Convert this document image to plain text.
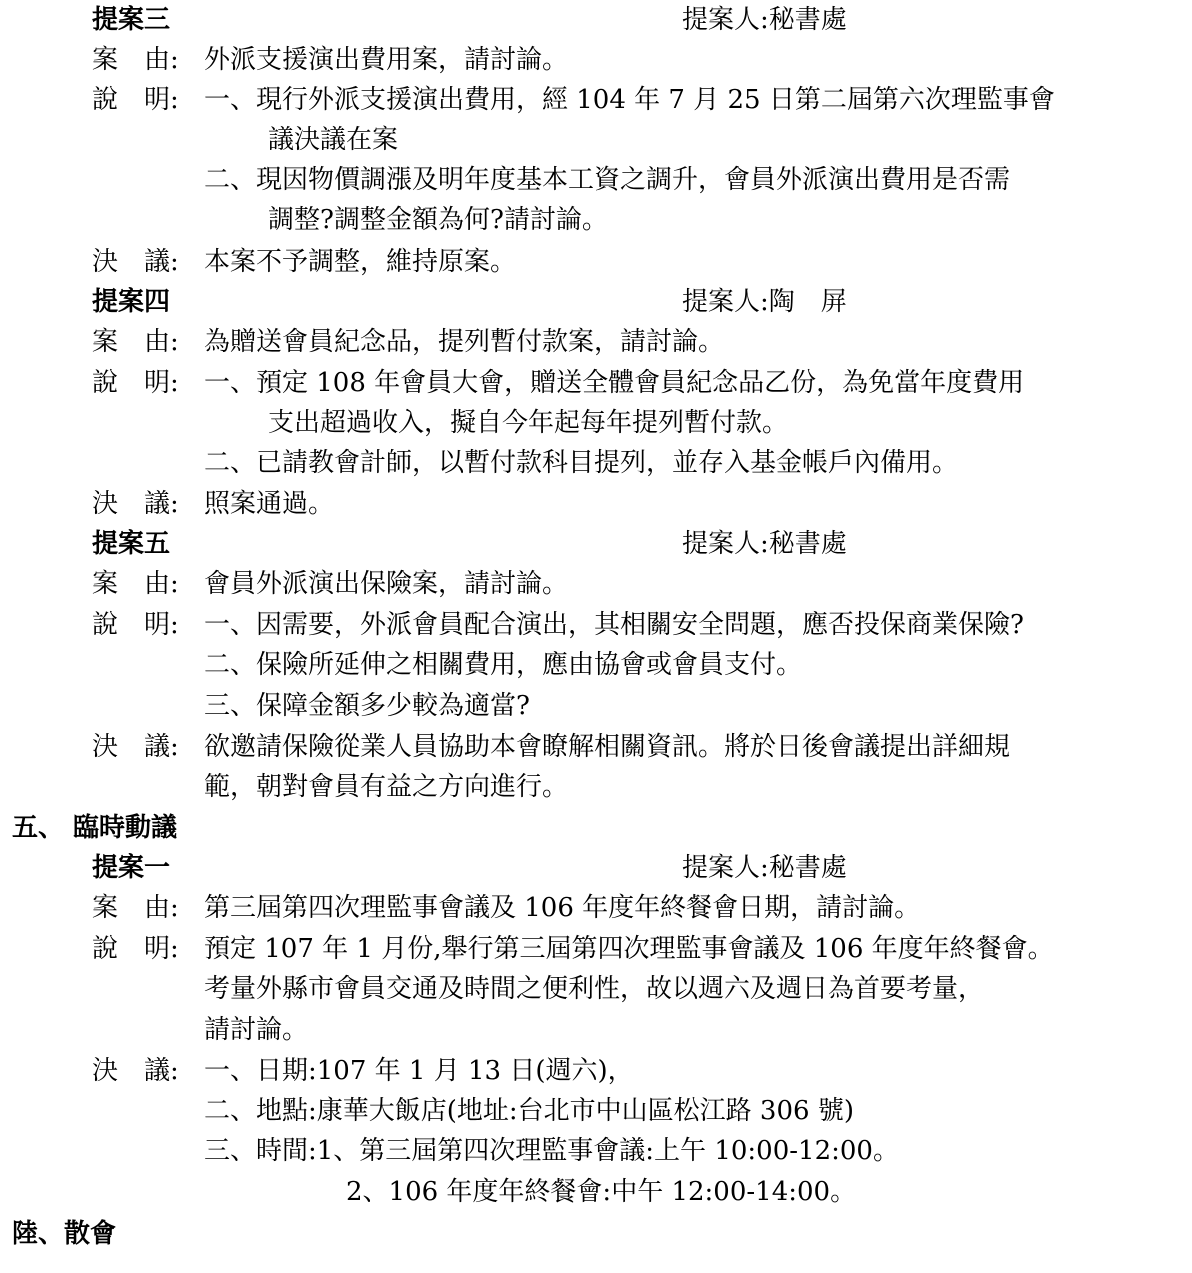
提案三	提案人:秘書處
案　由: 外派支援演出費用案，請討論。
說　明: 一、現行外派支援演出費用，經 104 年 7 月 25 日第二屆第六次理監事會
議決議在案
二、現因物價調漲及明年度基本工資之調升，會員外派演出費用是否需
調整?調整金額為何?請討論。
決　議: 本案不予調整，維持原案。
提案四	提案人:陶　屏
案　由: 為贈送會員紀念品，提列暫付款案，請討論。
說　明: 一、預定 108 年會員大會，贈送全體會員紀念品乙份，為免當年度費用
支出超過收入，擬自今年起每年提列暫付款。
二、已請教會計師，以暫付款科目提列，並存入基金帳戶內備用。
決　議: 照案通過。
提案五	提案人:秘書處
案　由: 會員外派演出保險案，請討論。
說　明: 一、因需要，外派會員配合演出，其相關安全問題，應否投保商業保險?
二、保險所延伸之相關費用，應由協會或會員支付。
三、保障金額多少較為適當?
決　議: 欲邀請保險從業人員協助本會瞭解相關資訊。將於日後會議提出詳細規
範，朝對會員有益之方向進行。
五、 臨時動議
提案一	提案人:秘書處
案　由: 第三屆第四次理監事會議及 106 年度年終餐會日期，請討論。
說　明: 預定 107 年 1 月份,舉行第三屆第四次理監事會議及 106 年度年終餐會。
考量外縣市會員交通及時間之便利性，故以週六及週日為首要考量，
請討論。
決　議: 一、日期:107 年 1 月 13 日(週六)，
二、地點:康華大飯店(地址:台北市中山區松江路 306 號)
三、時間:1、第三屆第四次理監事會議:上午 10:00-12:00。
2、106 年度年終餐會:中午 12:00-14:00。
陸、散會
